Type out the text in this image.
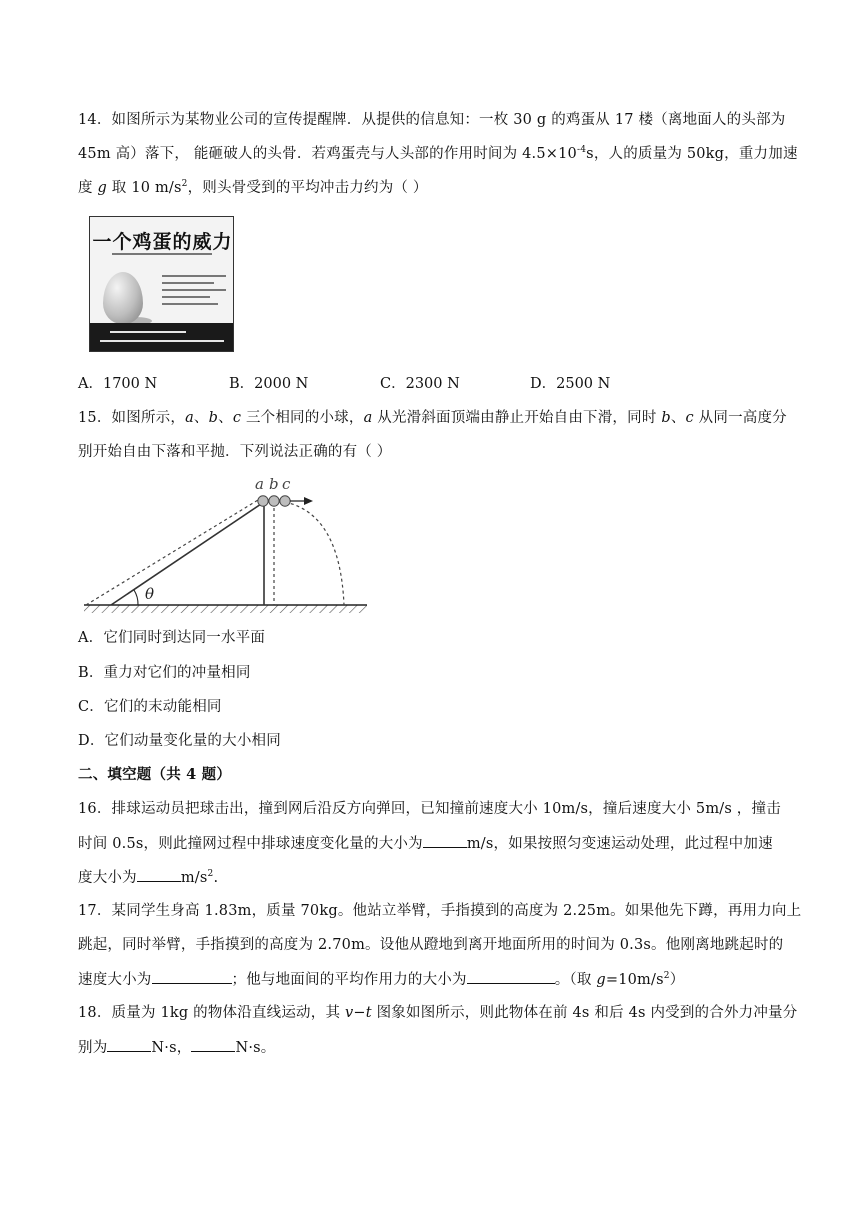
14．如图所示为某物业公司的宣传提醒牌．从提供的信息知：一枚 30 g 的鸡蛋从 17 楼（离地面人的头部为
45m 高）落下， 能砸破人的头骨．若鸡蛋壳与人头部的作用时间为 $4.5\times 10^{-4}s$，人的质量为 50kg，重力加速
度 g 取 10 $m/s^2$，则头骨受到的平均冲击力约为（ ）
一个鸡蛋的威力
A．1700 N	B．2000 N	C．2300 N	D．2500 N
15．如图所示，a、b、c 三个相同的小球，a 从光滑斜面顶端由静止开始自由下滑，同时 b、c 从同一高度分
别开始自由下落和平抛．下列说法正确的有（ ）
θ
a b c
A．它们同时到达同一水平面
B．重力对它们的冲量相同
C．它们的末动能相同
D．它们动量变化量的大小相同
二、填空题（共 4 题）
16．排球运动员把球击出，撞到网后沿反方向弹回，已知撞前速度大小 10m/s，撞后速度大小 5m/s ，撞击
时间 0.5s，则此撞网过程中排球速度变化量的大小为	m/s，如果按照匀变速运动处理，此过程中加速
度大小为	$m/s^2$.
17．某同学生身高 1.83m，质量 70kg。他站立举臂，手指摸到的高度为 2.25m。如果他先下蹲，再用力向上
跳起，同时举臂，手指摸到的高度为 2.70m。设他从蹬地到离开地面所用的时间为 0.3s。他刚离地跳起时的
速度大小为	；他与地面间的平均作用力的大小为	。（取 $g=10m/s^2$）
18．质量为 1kg 的物体沿直线运动，其 v−t 图象如图所示，则此物体在前 4s 和后 4s 内受到的合外力冲量分
别为	N·s，	N·s。
